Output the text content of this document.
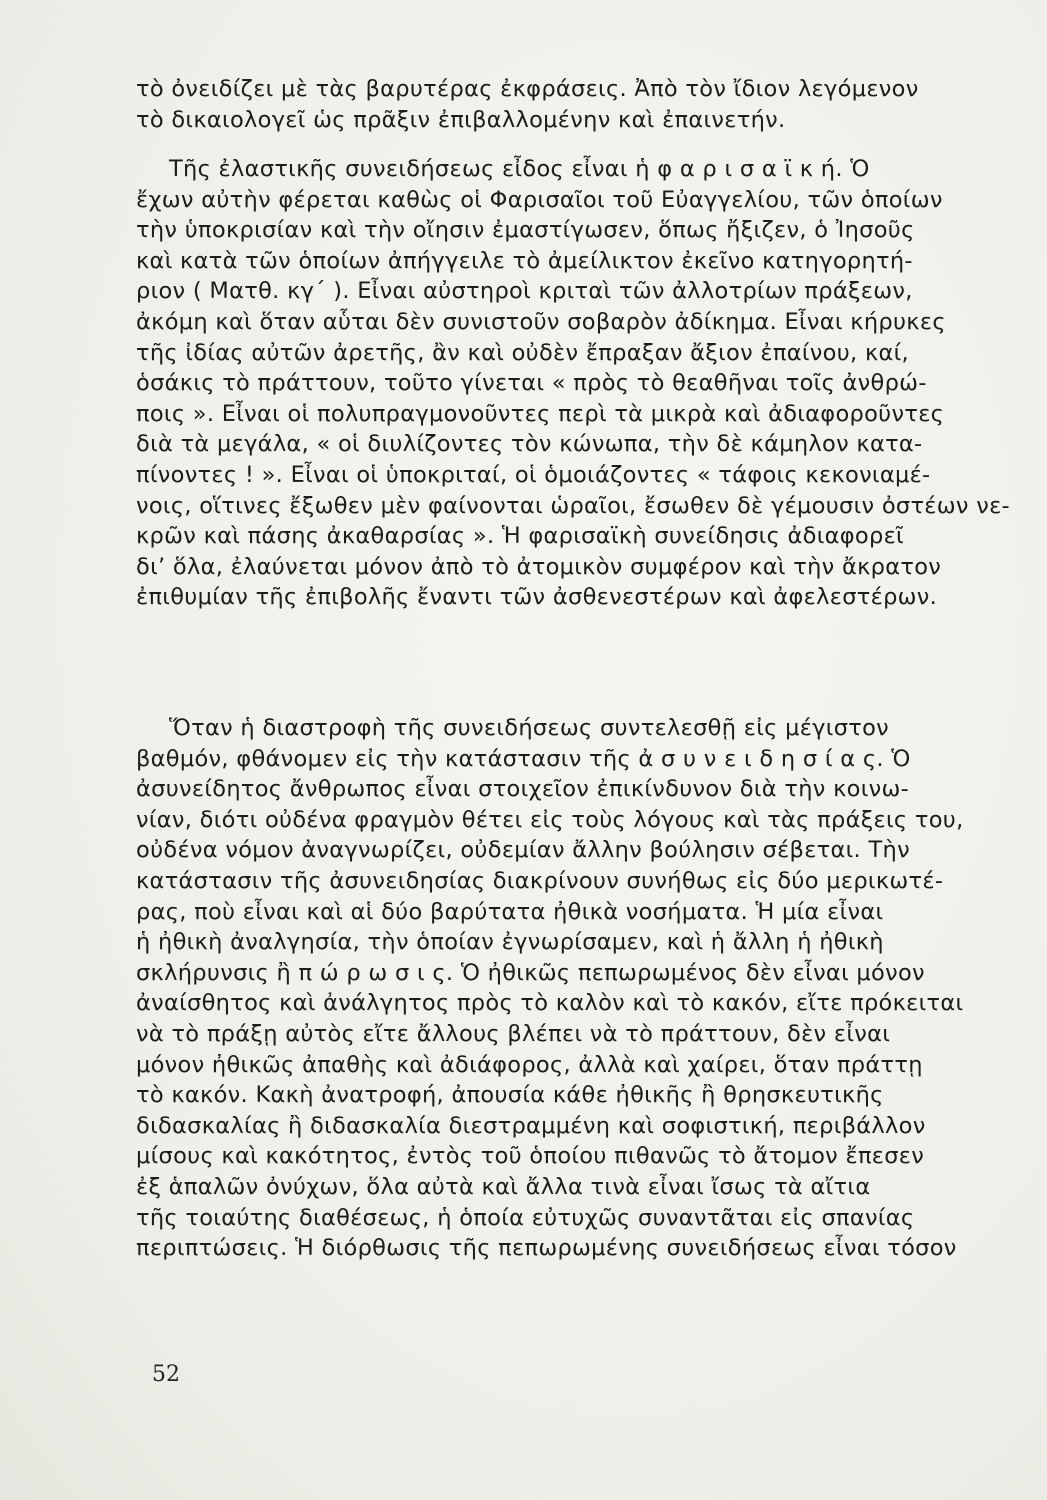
τὸ ὀνειδίζει μὲ τὰς βαρυτέρας ἐκφράσεις. Ἀπὸ τὸν ἴδιον λεγόμενον
τὸ δικαιολογεῖ ὡς πρᾶξιν ἐπιβαλλομένην καὶ ἐπαινετήν.
Τῆς ἐλαστικῆς συνειδήσεως εἶδος εἶναι ἡ φ α ρ ι σ α ϊ κ ή. Ὁ
ἔχων αὐτὴν φέρεται καθὼς οἱ Φαρισαῖοι τοῦ Εὐαγγελίου, τῶν ὁποίων
τὴν ὑποκρισίαν καὶ τὴν οἴησιν ἐμαστίγωσεν, ὅπως ἤξιζεν, ὁ Ἰησοῦς
καὶ κατὰ τῶν ὁποίων ἀπήγγειλε τὸ ἀμείλικτον ἐκεῖνο κατηγορητή-
ριον ( Ματθ. κγ΄ ). Εἶναι αὐστηροὶ κριταὶ τῶν ἀλλοτρίων πράξεων,
ἀκόμη καὶ ὅταν αὗται δὲν συνιστοῦν σοβαρὸν ἀδίκημα. Εἶναι κήρυκες
τῆς ἰδίας αὐτῶν ἀρετῆς, ἂν καὶ οὐδὲν ἔπραξαν ἄξιον ἐπαίνου, καί,
ὁσάκις τὸ πράττουν, τοῦτο γίνεται « πρὸς τὸ θεαθῆναι τοῖς ἀνθρώ-
ποις ». Εἶναι οἱ πολυπραγμονοῦντες περὶ τὰ μικρὰ καὶ ἀδιαφοροῦντες
διὰ τὰ μεγάλα, « οἱ διυλίζοντες τὸν κώνωπα, τὴν δὲ κάμηλον κατα-
πίνοντες ! ». Εἶναι οἱ ὑποκριταί, οἱ ὁμοιάζοντες « τάφοις κεκονιαμέ-
νοις, οἵτινες ἔξωθεν μὲν φαίνονται ὡραῖοι, ἔσωθεν δὲ γέμουσιν ὀστέων νε-
κρῶν καὶ πάσης ἀκαθαρσίας ». Ἡ φαρισαϊκὴ συνείδησις ἀδιαφορεῖ
δι’ ὅλα, ἐλαύνεται μόνον ἀπὸ τὸ ἀτομικὸν συμφέρον καὶ τὴν ἄκρατον
ἐπιθυμίαν τῆς ἐπιβολῆς ἔναντι τῶν ἀσθενεστέρων καὶ ἀφελεστέρων.
Ὅταν ἡ διαστροφὴ τῆς συνειδήσεως συντελεσθῇ εἰς μέγιστον
βαθμόν, φθάνομεν εἰς τὴν κατάστασιν τῆς ἀ σ υ ν ε ι δ η σ ί α ς. Ὁ
ἀσυνείδητος ἄνθρωπος εἶναι στοιχεῖον ἐπικίνδυνον διὰ τὴν κοινω-
νίαν, διότι οὐδένα φραγμὸν θέτει εἰς τοὺς λόγους καὶ τὰς πράξεις του,
οὐδένα νόμον ἀναγνωρίζει, οὐδεμίαν ἄλλην βούλησιν σέβεται. Τὴν
κατάστασιν τῆς ἀσυνειδησίας διακρίνουν συνήθως εἰς δύο μερικωτέ-
ρας, ποὺ εἶναι καὶ αἱ δύο βαρύτατα ἠθικὰ νοσήματα. Ἡ μία εἶναι
ἡ ἠθικὴ ἀναλγησία, τὴν ὁποίαν ἐγνωρίσαμεν, καὶ ἡ ἄλλη ἡ ἠθικὴ
σκλήρυνσις ἢ π ώ ρ ω σ ι ς. Ὁ ἠθικῶς πεπωρωμένος δὲν εἶναι μόνον
ἀναίσθητος καὶ ἀνάλγητος πρὸς τὸ καλὸν καὶ τὸ κακόν, εἴτε πρόκειται
νὰ τὸ πράξῃ αὐτὸς εἴτε ἄλλους βλέπει νὰ τὸ πράττουν, δὲν εἶναι
μόνον ἠθικῶς ἀπαθὴς καὶ ἀδιάφορος, ἀλλὰ καὶ χαίρει, ὅταν πράττῃ
τὸ κακόν. Κακὴ ἀνατροφή, ἀπουσία κάθε ἠθικῆς ἢ θρησκευτικῆς
διδασκαλίας ἢ διδασκαλία διεστραμμένη καὶ σοφιστική, περιβάλλον
μίσους καὶ κακότητος, ἐντὸς τοῦ ὁποίου πιθανῶς τὸ ἄτομον ἔπεσεν
ἐξ ἁπαλῶν ὀνύχων, ὅλα αὐτὰ καὶ ἄλλα τινὰ εἶναι ἴσως τὰ αἴτια
τῆς τοιαύτης διαθέσεως, ἡ ὁποία εὐτυχῶς συναντᾶται εἰς σπανίας
περιπτώσεις. Ἡ διόρθωσις τῆς πεπωρωμένης συνειδήσεως εἶναι τόσον
52
